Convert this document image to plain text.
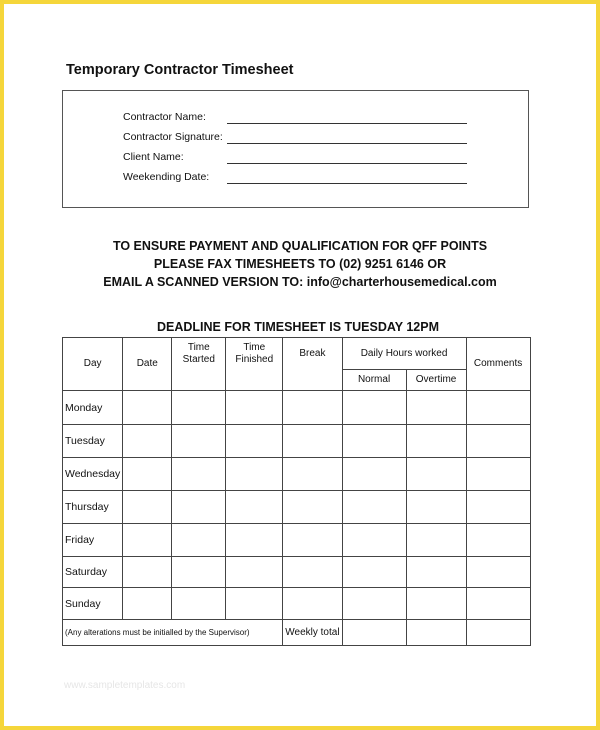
Temporary Contractor Timesheet
Contractor Name:
Contractor Signature:
Client Name:
Weekending Date:
TO ENSURE PAYMENT AND QUALIFICATION FOR QFF POINTS
PLEASE FAX TIMESHEETS TO (02) 9251 6146 OR
EMAIL A SCANNED VERSION TO: info@charterhousemedical.com
DEADLINE FOR TIMESHEET IS TUESDAY 12PM
Day	Date	Time Started	Time Finished	Break	Daily Hours worked		Comments
					Normal	Overtime	
Monday							
Tuesday							
Wednesday							
Thursday							
Friday							
Saturday							
Sunday							
(Any alterations must be initialled by the Supervisor)				Weekly total			
www.sampletemplates.com
